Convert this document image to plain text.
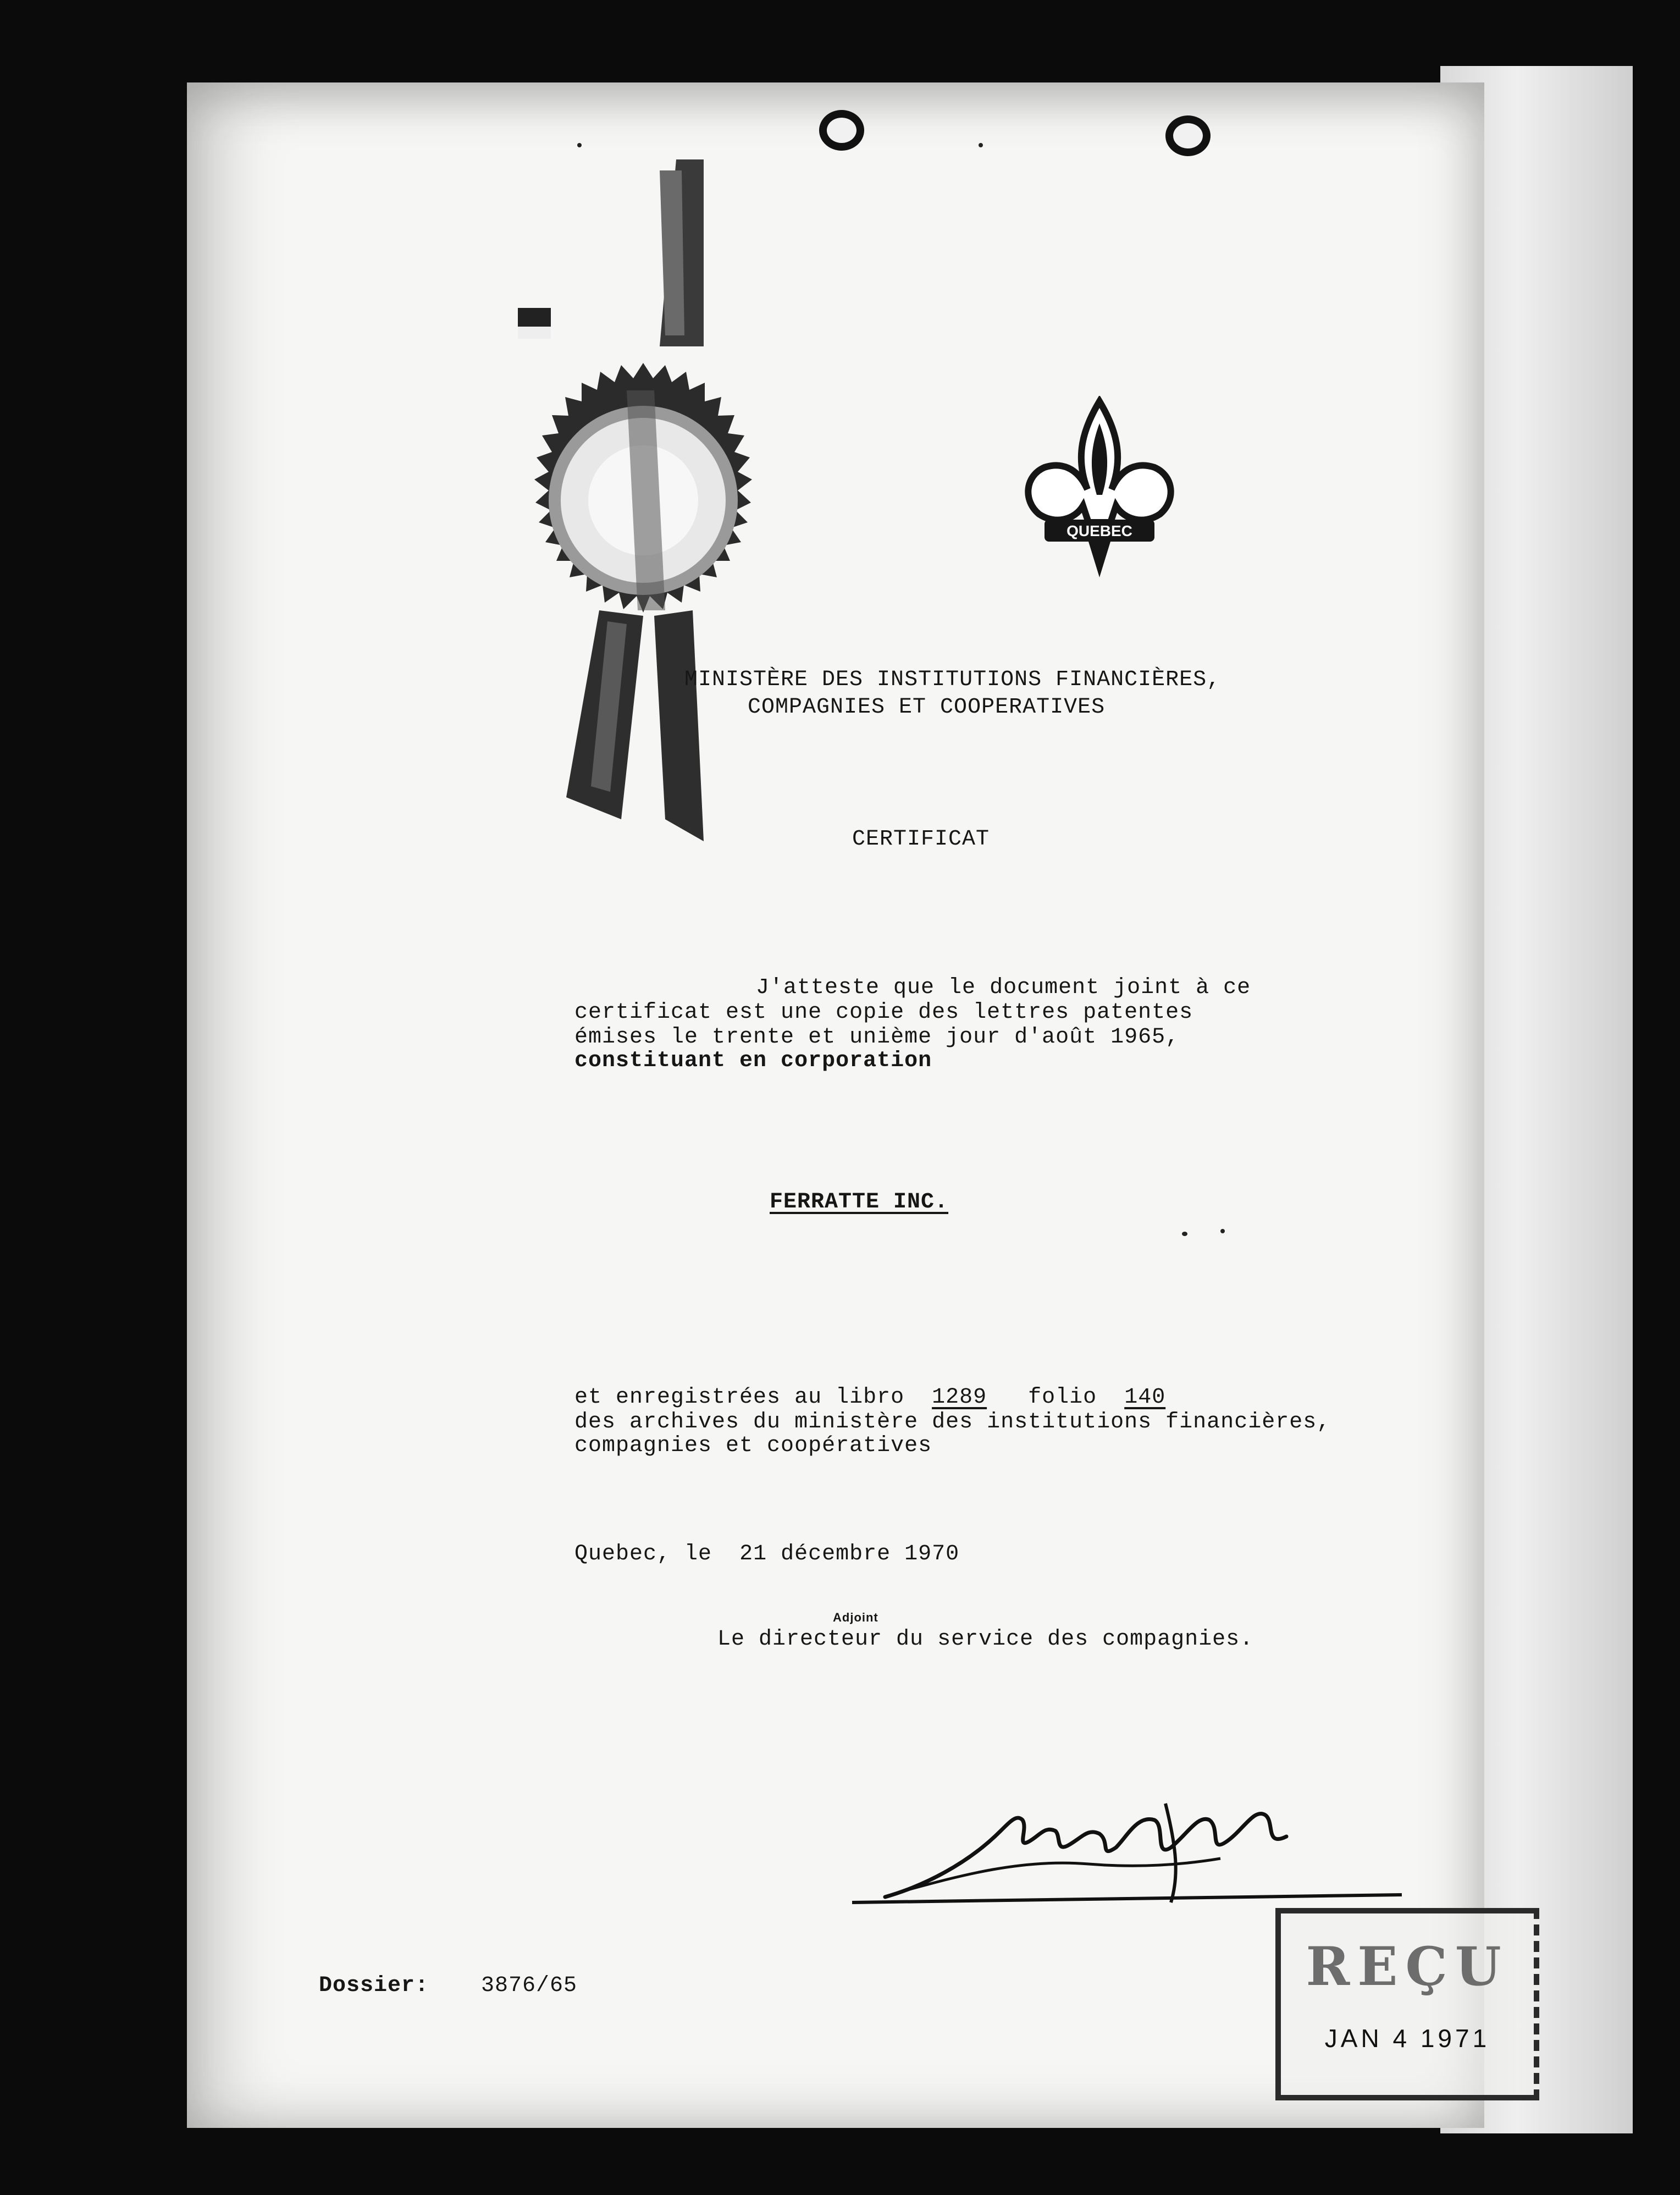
QUEBEC
MINISTÈRE DES INSTITUTIONS FINANCIÈRES,
COMPAGNIES ET COOPERATIVES
CERTIFICAT
J'atteste que le document joint à ce
certificat est une copie des lettres patentes
émises le trente et unième jour d'août 1965,
constituant en corporation
FERRATTE INC.
et enregistrées au libro 1289 folio 140
des archives du ministère des institutions financières,
compagnies et coopératives
Quebec, le 21 décembre 1970
Adjoint
Le directeur du service des compagnies.
Dossier: 3876/65	REÇU
JAN 4 1971
